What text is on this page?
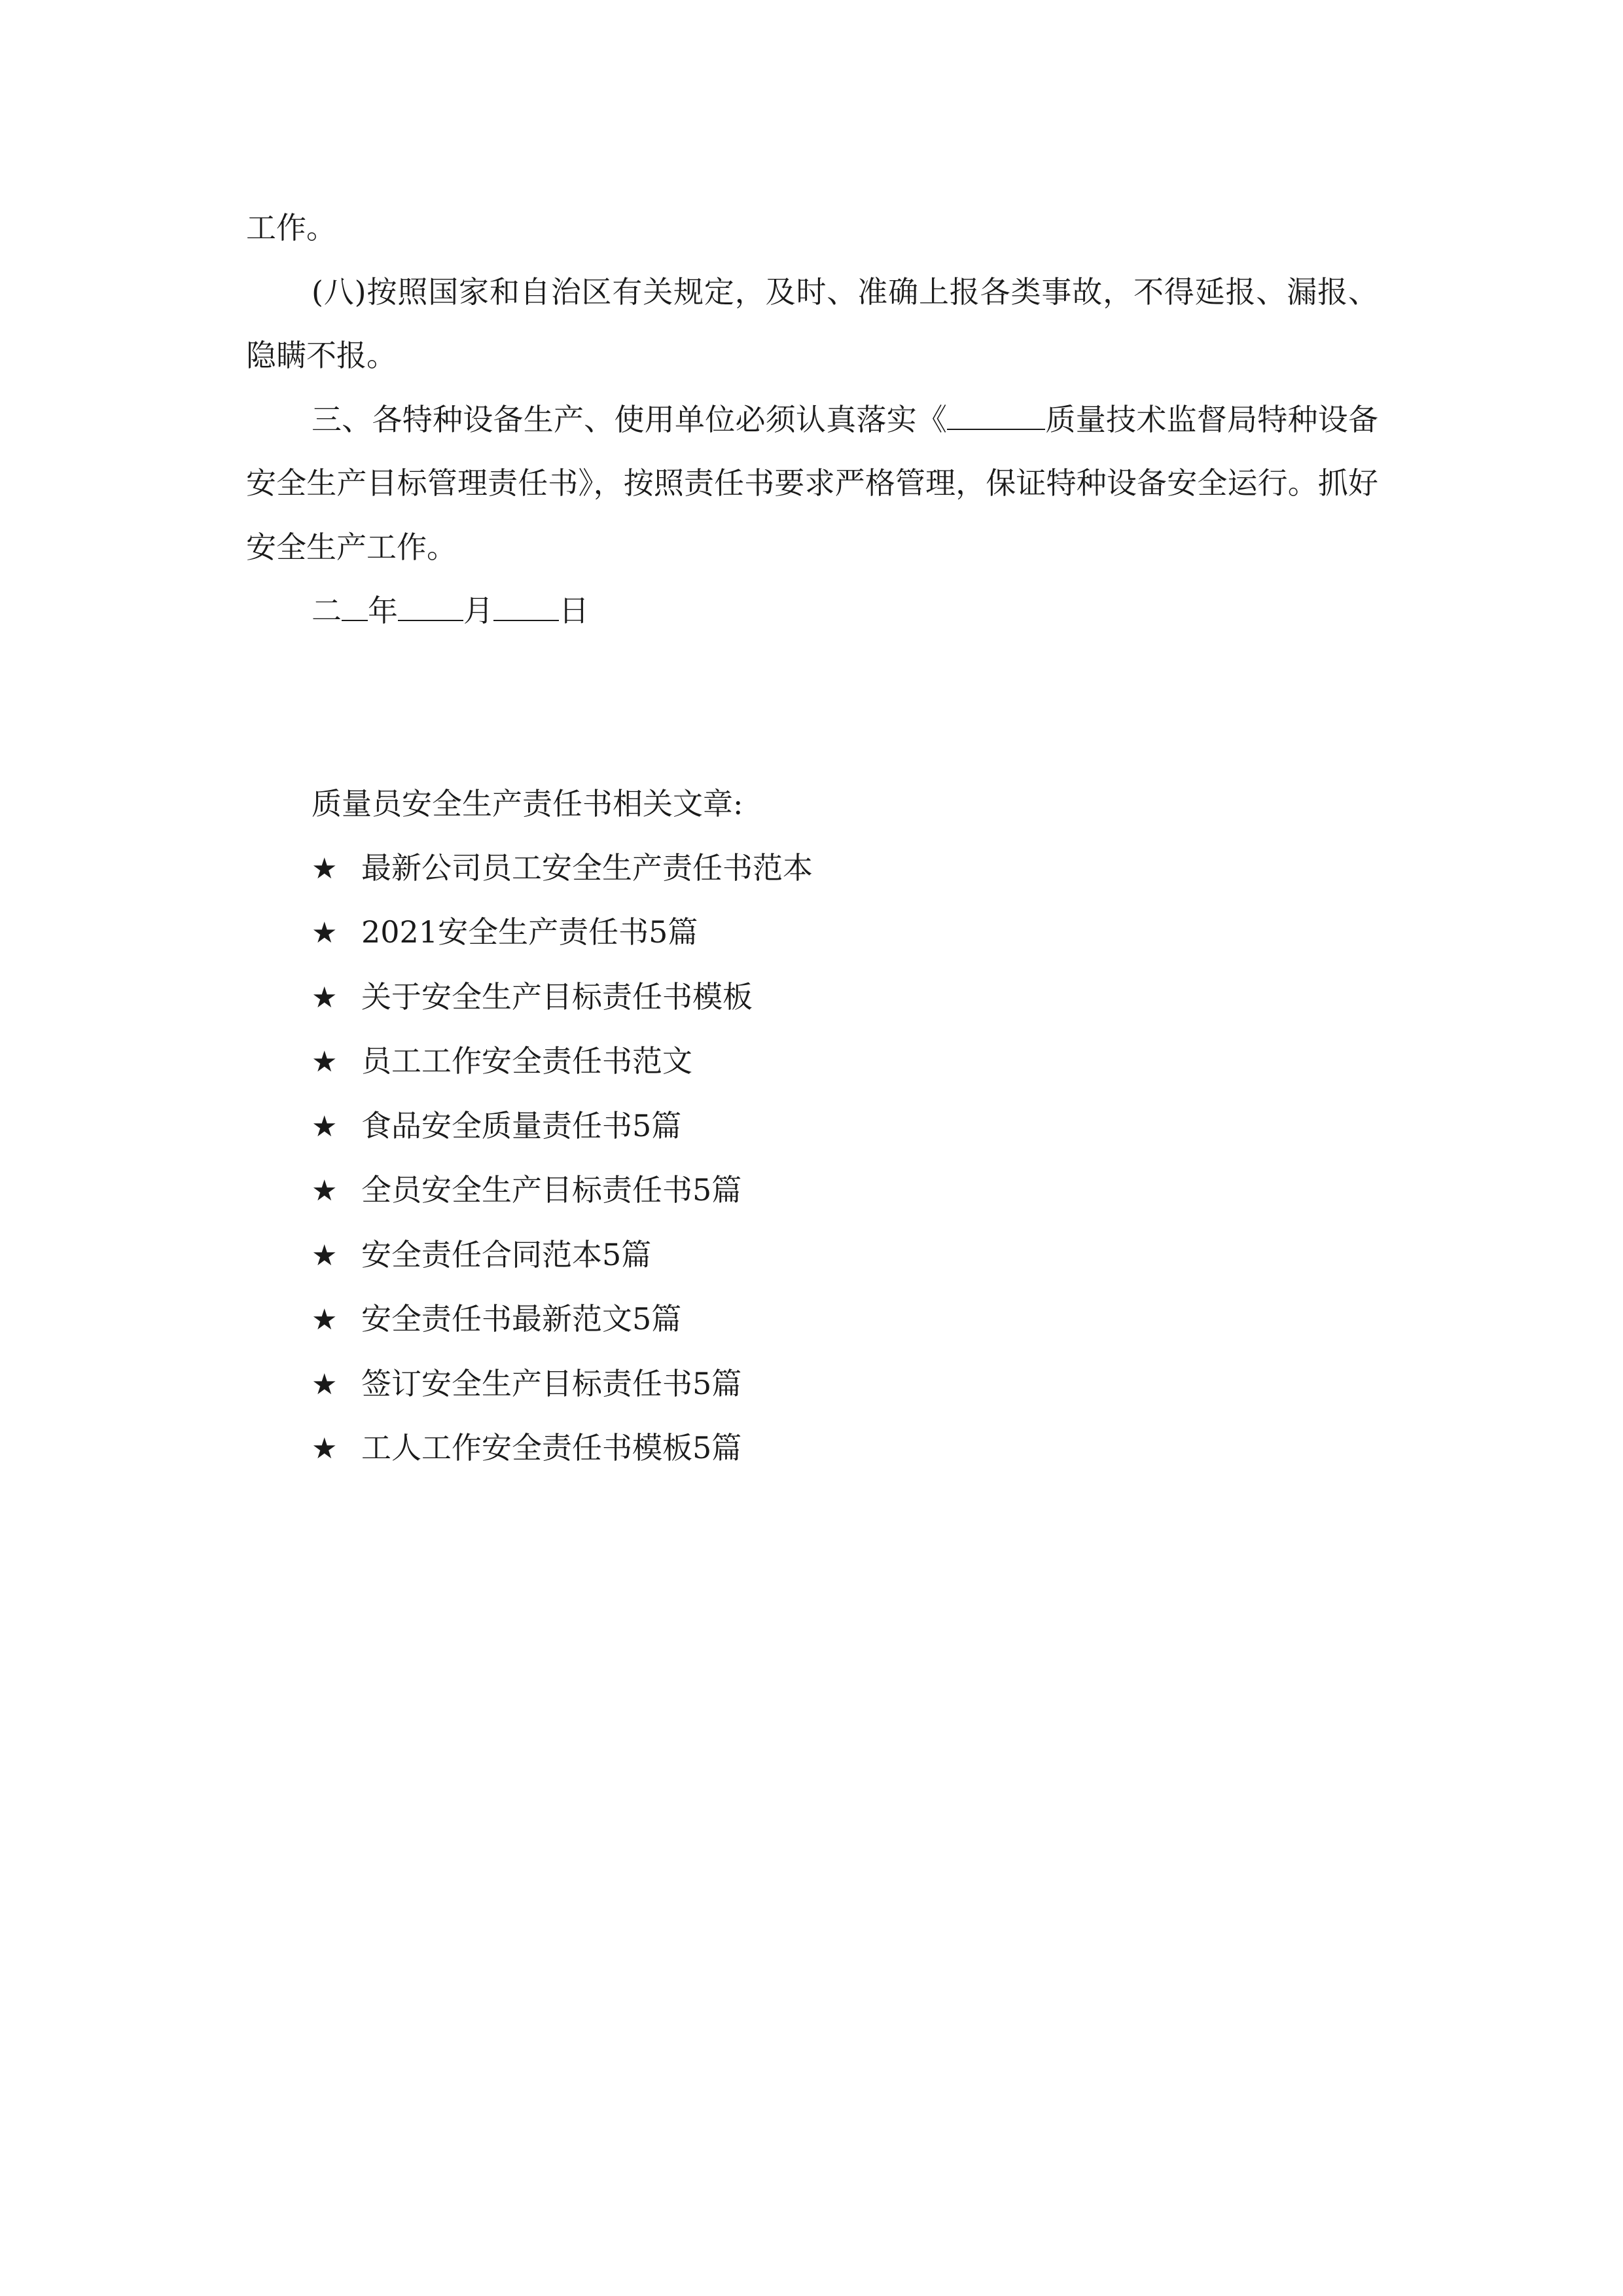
工作。

(八)按照国家和自治区有关规定，及时、准确上报各类事故，不得延报、漏报、隐瞒不报。

三、各特种设备生产、使用单位必须认真落实《	质量技术监督局特种设备安全生产目标管理责任书》，按照责任书要求严格管理，保证特种设备安全运行。抓好安全生产工作。

二 年 月 日

质量员安全生产责任书相关文章:

★ 最新公司员工安全生产责任书范本
★ 2021安全生产责任书5篇
★ 关于安全生产目标责任书模板
★ 员工工作安全责任书范文
★ 食品安全质量责任书5篇
★ 全员安全生产目标责任书5篇
★ 安全责任合同范本5篇
★ 安全责任书最新范文5篇
★ 签订安全生产目标责任书5篇
★ 工人工作安全责任书模板5篇
